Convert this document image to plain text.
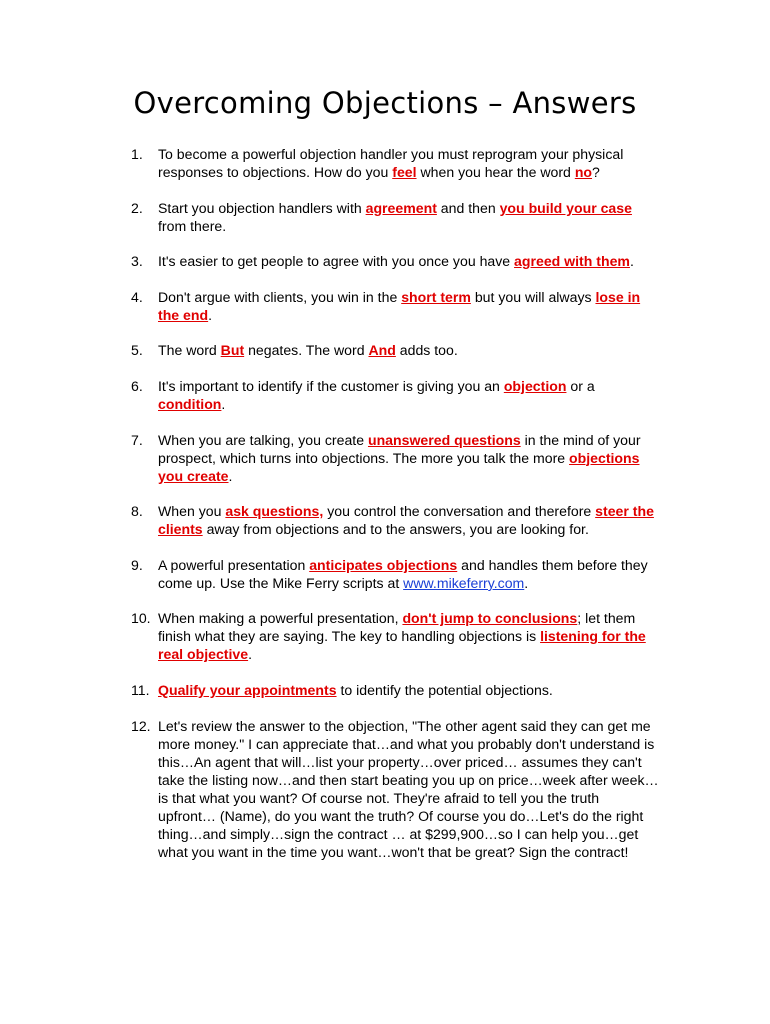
Overcoming Objections – Answers
1. To become a powerful objection handler you must reprogram your physical responses to objections. How do you feel when you hear the word no?
2. Start you objection handlers with agreement and then you build your case from there.
3. It's easier to get people to agree with you once you have agreed with them.
4. Don't argue with clients, you win in the short term but you will always lose in the end.
5. The word But negates. The word And adds too.
6. It's important to identify if the customer is giving you an objection or a condition.
7. When you are talking, you create unanswered questions in the mind of your prospect, which turns into objections. The more you talk the more objections you create.
8. When you ask questions, you control the conversation and therefore steer the clients away from objections and to the answers, you are looking for.
9. A powerful presentation anticipates objections and handles them before they come up. Use the Mike Ferry scripts at www.mikeferry.com.
10. When making a powerful presentation, don't jump to conclusions; let them finish what they are saying. The key to handling objections is listening for the real objective.
11. Qualify your appointments to identify the potential objections.
12. Let's review the answer to the objection, "The other agent said they can get me more money." I can appreciate that…and what you probably don't understand is this…An agent that will…list your property…over priced… assumes they can't take the listing now…and then start beating you up on price…week after week…is that what you want? Of course not. They're afraid to tell you the truth upfront… (Name), do you want the truth? Of course you do…Let's do the right thing…and simply…sign the contract … at $299,900…so I can help you…get what you want in the time you want…won't that be great? Sign the contract!
